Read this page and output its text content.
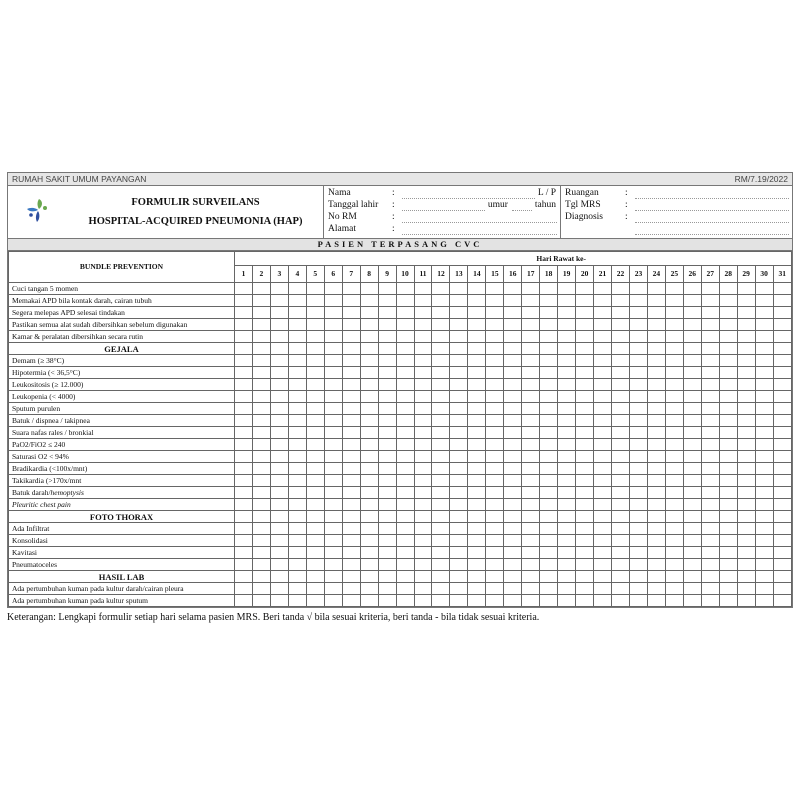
RUMAH SAKIT UMUM PAYANGAN	RM/7.19/2022
FORMULIR SURVEILANS
HOSPITAL-ACQUIRED PNEUMONIA (HAP)
Nama	:	L / P
Tanggal lahir	:	umur	tahun
No RM	:
Alamat	:
Ruangan	:
Tgl MRS	:
Diagnosis	:
PASIEN TERPASANG CVC
BUNDLE PREVENTION	Hari Rawat ke-																														
	1	2	3	4	5	6	7	8	9	10	11	12	13	14	15	16	17	18	19	20	21	22	23	24	25	26	27	28	29	30	31
Cuci tangan 5 momen																															
Memakai APD bila kontak darah, cairan tubuh																															
Segera melepas APD selesai tindakan																															
Pastikan semua alat sudah dibersihkan sebelum digunakan																															
Kamar & peralatan dibersihkan secara rutin																															
GEJALA																															
Demam (≥ 38°C)																															
Hipotermia (< 36,5°C)																															
Leukositosis (≥ 12.000)																															
Leukopenia (< 4000)																															
Sputum purulen																															
Batuk / dispnea / takipnea																															
Suara nafas rales / bronkial																															
PaO2/FiO2 ≤ 240																															
Saturasi O2 < 94%																															
Bradikardia (<100x/mnt)																															
Takikardia (>170x/mnt																															
Batuk darah/hemoptysis																															
Pleuritic chest pain																															
FOTO THORAX																															
Ada Infiltrat																															
Konsolidasi																															
Kavitasi																															
Pneumatoceles																															
HASIL LAB																															
Ada pertumbuhan kuman pada kultur darah/cairan pleura																															
Ada pertumbuhan kuman pada kultur sputum																															
Keterangan: Lengkapi formulir setiap hari selama pasien MRS. Beri tanda √ bila sesuai kriteria, beri tanda - bila tidak sesuai kriteria.
